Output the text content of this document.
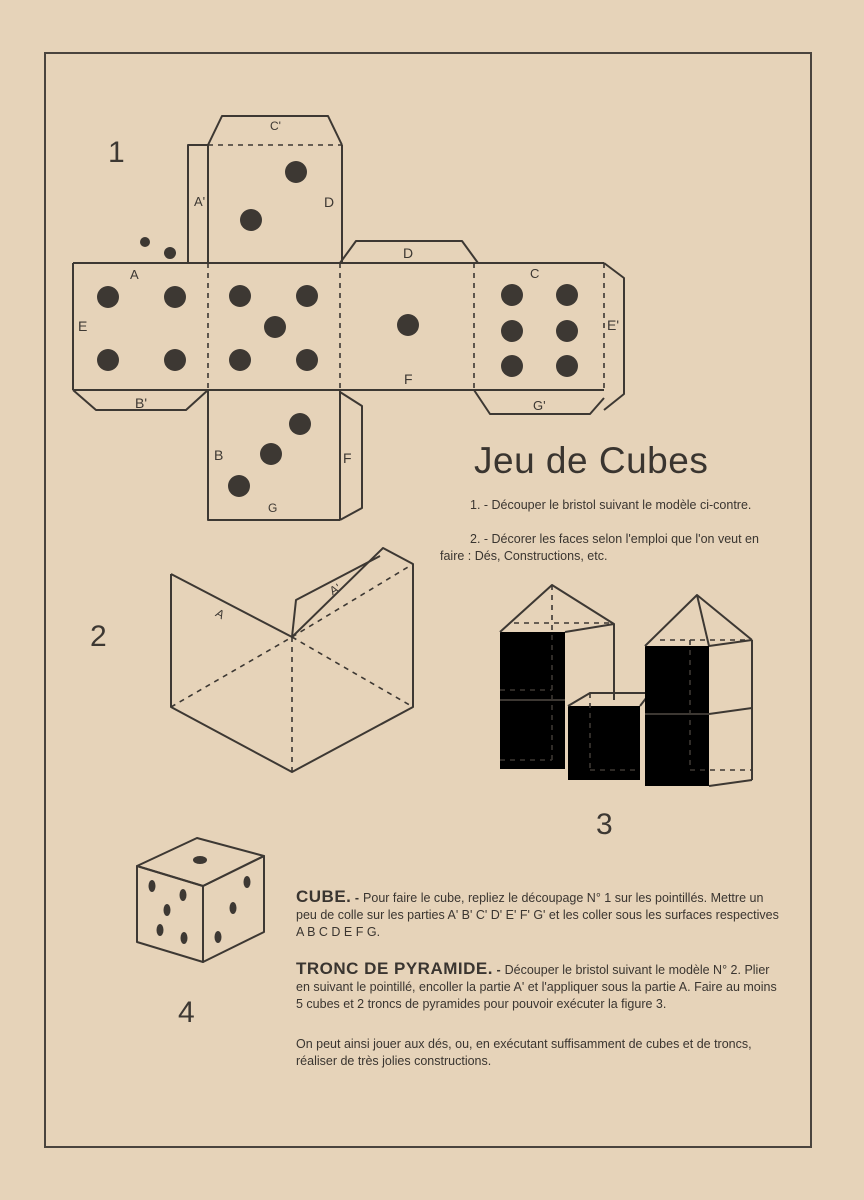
1
2
3
4
C'
A'	D
A
D
C
E	E'
B'
F
G'
B	F
G
A
A'
Jeu de Cubes

1. - Découper le bristol suivant le modèle ci-contre.

2. - Décorer les faces selon l'emploi que l'on veut en faire : Dés, Constructions, etc.

CUBE. - Pour faire le cube, repliez le découpage N° 1 sur les pointillés. Mettre un peu de colle sur les parties A' B' C' D' E' F' G' et les coller sous les surfaces respectives A B C D E F G.
TRONC DE PYRAMIDE. - Découper le bristol suivant le modèle N° 2. Plier en suivant le pointillé, encoller la partie A' et l'appliquer sous la partie A. Faire au moins 5 cubes et 2 troncs de pyramides pour pouvoir exécuter la figure 3.

On peut ainsi jouer aux dés, ou, en exécutant suffisamment de cubes et de troncs, réaliser de très jolies constructions.
